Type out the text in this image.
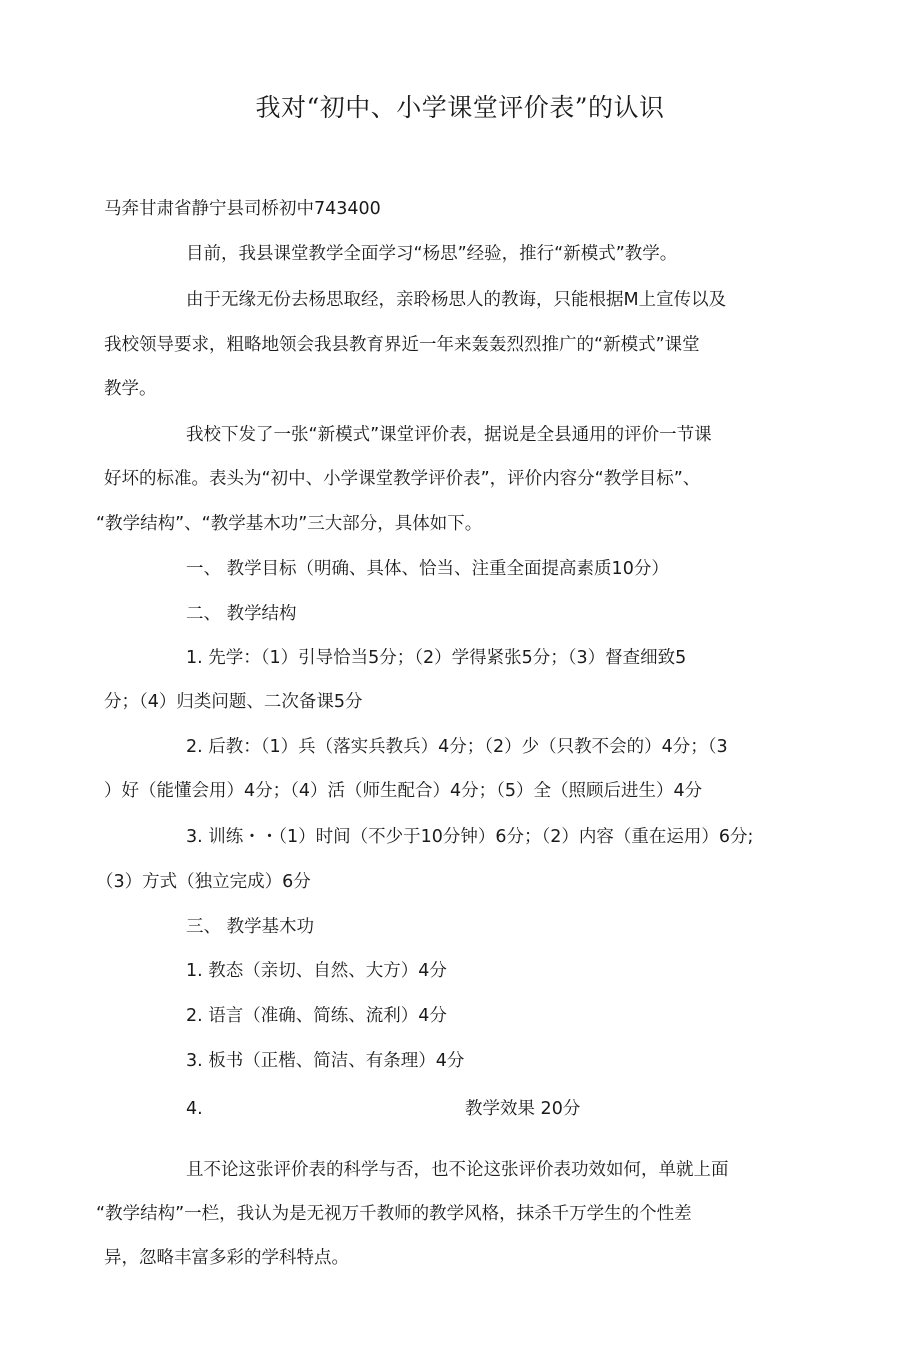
我对“初中、小学课堂评价表”的认识
马奔甘肃省静宁县司桥初中743400
目前，我县课堂教学全面学习“杨思”经验，推行“新模式”教学。
由于无缘无份去杨思取经，亲聆杨思人的教诲，只能根据M上宣传以及
我校领导要求，粗略地领会我县教育界近一年来轰轰烈烈推广的“新模式”课堂
教学。
我校下发了一张“新模式”课堂评价表，据说是全县通用的评价一节课
好坏的标准。表头为“初中、小学课堂教学评价表”，评价内容分“教学目标”、
“教学结构”、“教学基木功”三大部分，具体如下。
一、 教学目标（明确、具体、恰当、注重全面提高素质10分）
二、 教学结构
1. 先学：（1）引导恰当5分；（2）学得紧张5分；（3）督查细致5
分；（4）归类问题、二次备课5分
2. 后教：（1）兵（落实兵教兵）4分；（2）少（只教不会的）4分；（3
）好（能懂会用）4分；（4）活（师生配合）4分；（5）全（照顾后进生）4分
3. 训练・・（1）时间（不少于10分钟）6分；（2）内容（重在运用）6分;
（3）方式（独立完成）6分
三、 教学基木功
1. 教态（亲切、自然、大方）4分
2. 语言（准确、简练、流利）4分
3. 板书（正楷、简洁、有条理）4分
4.	教学效果 20分
且不论这张评价表的科学与否，也不论这张评价表功效如何，单就上面
“教学结构”一栏，我认为是无视万千教师的教学风格，抹杀千万学生的个性差
异，忽略丰富多彩的学科特点。
